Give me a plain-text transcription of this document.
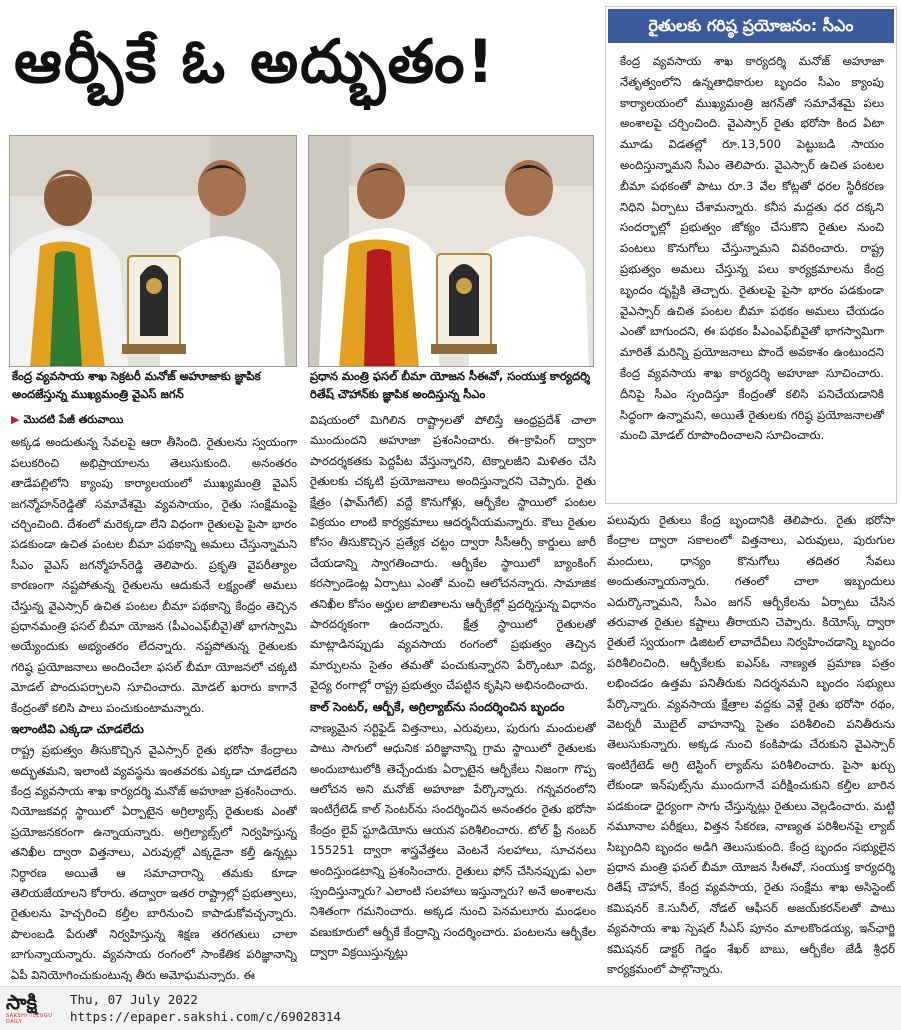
ఆర్బీకే ఓ అద్భుతం!
రైతులకు గరిష్ఠ ప్రయోజనం: సీఎం
కేంద్ర వ్యవసాయ శాఖ కార్యదర్శి మనోజ్ అహూజా నేతృత్వంలోని ఉన్నతాధికారుల బృందం సీఎం క్యాంపు కార్యాలయంలో ముఖ్యమంత్రి జగన్‌తో సమావేశమై పలు అంశాలపై చర్చించింది. వైఎస్సార్ రైతు భరోసా కింద ఏటా మూడు విడతల్లో రూ.13,500 పెట్టుబడి సాయం అందిస్తున్నామని సీఎం తెలిపారు. వైఎస్సార్ ఉచిత పంటల బీమా పథకంతో పాటు రూ.3 వేల కోట్లతో ధరల స్థిరీకరణ నిధిని ఏర్పాటు చేశామన్నారు. కనీస మద్దతు ధర దక్కని సందర్భాల్లో ప్రభుత్వం జోక్యం చేసుకొని రైతుల నుంచి పంటలు కొనుగోలు చేస్తున్నామని వివరించారు. రాష్ట్ర ప్రభుత్వం అమలు చేస్తున్న పలు కార్యక్రమాలను కేంద్ర బృందం దృష్టికి తెచ్చారు. రైతులపై పైసా భారం పడకుండా వైఎస్సార్ ఉచిత పంటల బీమా పథకం అమలు చేయడం ఎంతో బాగుందని, ఈ పథకం పీఎంఎఫ్‌బీవైతో భాగస్వామిగా మారితే మరిన్ని ప్రయోజనాలు పొందే అవకాశం ఉంటుందని కేంద్ర వ్యవసాయ శాఖ కార్యదర్శి అహూజా సూచించారు. దీనిపై సీఎం స్పందిస్తూ కేంద్రంతో కలిసి పనిచేయడానికి సిద్ధంగా ఉన్నామని, అయితే రైతులకు గరిష్ఠ ప్రయోజనాలతో మంచి మోడల్ రూపొందించాలని సూచించారు.
కేంద్ర వ్యవసాయ శాఖ సెక్రటరీ మనోజ్ అహూజాకు జ్ఞాపిక అందజేస్తున్న ముఖ్యమంత్రి వైఎస్ జగన్
ప్రధాన మంత్రి ఫసల్ బీమా యోజన సీఈవో, సంయుక్త కార్యదర్శి రితేష్ చౌహాన్‌కు జ్ఞాపిక అందిస్తున్న సీఎం
▶ మొదటి పేజీ తరువాయి

అక్కడ అందుతున్న సేవలపై ఆరా తీసింది. రైతులను స్వయంగా పలుకరించి అభిప్రాయాలను తెలుసుకుంది. అనంతరం తాడేపల్లిలోని క్యాంపు కార్యాలయంలో ముఖ్యమంత్రి వైఎస్ జగన్మోహన్‌రెడ్డితో సమావేశమై వ్యవసాయం, రైతు సంక్షేమంపై చర్చించింది. దేశంలో మరెక్కడా లేని విధంగా రైతులపై పైసా భారం పడకుండా ఉచిత పంటల బీమా పథకాన్ని అమలు చేస్తున్నామని సీఎం వైఎస్ జగన్మోహన్‌రెడ్డి తెలిపారు. ప్రకృతి వైపరీత్యాల కారణంగా నష్టపోతున్న రైతులను ఆదుకునే లక్ష్యంతో అమలు చేస్తున్న వైఎస్సార్ ఉచిత పంటల బీమా పథకాన్ని కేంద్రం తెచ్చిన ప్రధానమంత్రి ఫసల్ బీమా యోజన (పీఎంఎఫ్‌బీవై)తో భాగస్వామి అయ్యేందుకు అభ్యంతరం లేదన్నారు. నష్టపోతున్న రైతులకు గరిష్ఠ ప్రయోజనాలు అందించేలా ఫసల్ బీమా యోజనలో చక్కటి మోడల్ పొందుపర్చాలని సూచించారు. మోడల్ ఖరారు కాగానే కేంద్రంతో కలిసి పాలు పంచుకుంటామన్నారు.

ఇలాంటివి ఎక్కడా చూడలేదు

రాష్ట్ర ప్రభుత్వం తీసుకొచ్చిన వైఎస్సార్ రైతు భరోసా కేంద్రాలు అద్భుతమని, ఇలాంటి వ్యవస్థను ఇంతవరకు ఎక్కడా చూడలేదని కేంద్ర వ్యవసాయ శాఖ కార్యదర్శి మనోజ్ అహూజా ప్రశంసించారు. నియోజకవర్గ స్థాయిలో ఏర్పాటైన అగ్రిల్యాబ్స్ రైతులకు ఎంతో ప్రయోజనకరంగా ఉన్నాయన్నారు. అగ్రిల్యాబ్స్‌లో నిర్వహిస్తున్న తనిఖీల ద్వారా విత్తనాలు, ఎరువుల్లో ఎక్కడైనా కల్తీ ఉన్నట్లు నిర్ధారణ అయితే ఆ సమాచారాన్ని తమకు కూడా తెలియజేయాలని కోరారు. తద్వారా ఇతర రాష్ట్రాల్లో ప్రభుత్వాలు, రైతులను హెచ్చరించి కల్తీల బారినుంచి కాపాడుకోవచ్చన్నారు. పొలంబడి పేరుతో నిర్వహిస్తున్న శిక్షణ తరగతులు చాలా బాగున్నాయన్నారు. వ్యవసాయ రంగంలో సాంకేతిక పరిజ్ఞానాన్ని ఏపీ వినియోగించుకుంటున్న తీరు అమోఘమన్నారు. ఈ

విషయంలో మిగిలిన రాష్ట్రాలతో పోలిస్తే ఆంధ్రప్రదేశ్ చాలా ముందుందని అహూజా ప్రశంసించారు. ఈ–క్రాపింగ్ ద్వారా పారదర్శకతకు పెద్దపీట వేస్తున్నారని, టెక్నాలజీని మిళితం చేసి రైతులకు చక్కటి ప్రయోజనాలు అందిస్తున్నారని చెప్పారు. రైతు క్షేత్రం (ఫామ్‌గేట్) వద్దే కొనుగోళ్లు, ఆర్బీకేల స్థాయిలో పంటల విక్రయం లాంటి కార్యక్రమాలు ఆదర్శనీయమన్నారు. కౌలు రైతుల కోసం తీసుకొచ్చిన ప్రత్యేక చట్టం ద్వారా సీసీఆర్సీ కార్డులు జారీ చేయడాన్ని స్వాగతించారు. ఆర్బీకేల స్థాయిలో బ్యాంకింగ్ కరస్పాండెంట్ల ఏర్పాటు ఎంతో మంచి ఆలోచనన్నారు. సామాజిక తనిఖీల కోసం అర్హుల జాబితాలను ఆర్బీకేల్లో ప్రదర్శిస్తున్న విధానం పారదర్శకంగా ఉందన్నారు. క్షేత్ర స్థాయిలో రైతులతో మాట్లాడినప్పుడు వ్యవసాయ రంగంలో ప్రభుత్వం తెచ్చిన మార్పులను సైతం తమతో పంచుకున్నారని పేర్కొంటూ విద్య, వైద్య రంగాల్లో రాష్ట్ర ప్రభుత్వం చేపట్టిన కృషిని అభినందించారు.

కాల్ సెంటర్, ఆర్బీకే, అగ్రిల్యాబ్‌ను సందర్శించిన బృందం

నాణ్యమైన సర్టిఫైడ్ విత్తనాలు, ఎరువులు, పురుగు మందులతో పాటు సాగులో ఆధునిక పరిజ్ఞానాన్ని గ్రామ స్థాయిలో రైతులకు అందుబాటులోకి తెచ్చేందుకు ఏర్పాటైన ఆర్బీకేలు నిజంగా గొప్ప ఆలోచన అని మనోజ్ అహూజా పేర్కొన్నారు. గన్నవరంలోని ఇంటిగ్రేటెడ్ కాల్ సెంటర్‌ను సందర్శించిన అనంతరం రైతు భరోసా కేంద్రం లైవ్ స్టూడియోను ఆయన పరిశీలించారు. టోల్ ఫ్రీ నంబర్ 155251 ద్వారా శాస్త్రవేత్తలు వెంటనే సలహాలు, సూచనలు అందిస్తుండటాన్ని ప్రశంసించారు. రైతులు ఫోన్ చేసినప్పుడు ఎలా స్పందిస్తున్నారు? ఎలాంటి సలహాలు ఇస్తున్నారు? అనే అంశాలను నిశితంగా గమనించారు. అక్కడ నుంచి పెనమలూరు మండలం వణుకూరులో ఆర్బీకే కేంద్రాన్ని సందర్శించారు. పంటలను ఆర్బీకేల ద్వారా విక్రయిస్తున్నట్లు

పలువురు రైతులు కేంద్ర బృందానికి తెలిపారు. రైతు భరోసా కేంద్రాల ద్వారా సకాలంలో విత్తనాలు, ఎరువులు, పురుగుల మందులు, ధాన్యం కొనుగోలు తదితర సేవలు అందుతున్నాయన్నారు. గతంలో చాలా ఇబ్బందులు ఎదుర్కొన్నామని, సీఎం జగన్ ఆర్బీకేలను ఏర్పాటు చేసిన తరువాత రైతుల కష్టాలు తీరాయని చెప్పారు. కియోస్క్ ద్వారా రైతులే స్వయంగా డిజిటల్ లావాదేవీలు నిర్వహించడాన్ని బృందం పరిశీలించింది. ఆర్బీకేలకు ఐఎస్ఓ నాణ్యత ప్రమాణ పత్రం లభించడం ఉత్తమ పనితీరుకు నిదర్శనమని బృందం సభ్యులు పేర్కొన్నారు. వ్యవసాయ క్షేత్రాల వద్దకు వెళ్లే రైతు భరోసా రథం, వెటర్నరీ మొబైల్ వాహనాన్ని సైతం పరిశీలించి పనితీరును తెలుసుకున్నారు. అక్కడ నుంచి కంకిపాడు చేరుకుని వైఎస్సార్ ఇంటిగ్రేటెడ్ అగ్రి టెస్టింగ్ ల్యాబ్‌ను పరిశీలించారు. పైసా ఖర్చు లేకుండా ఇన్‌పుట్స్‌ను ముందుగానే పరీక్షించుకుని కల్తీల బారిన పడకుండా ధైర్యంగా సాగు చేస్తున్నట్లు రైతులు వెల్లడించారు. మట్టి నమూనాల పరీక్షలు, విత్తన సేకరణ, నాణ్యత పరిశీలనపై ల్యాబ్ సిబ్బందిని బృందం అడిగి తెలుసుకుంది. కేంద్ర బృందం సభ్యులైన ప్రధాన మంత్రి ఫసల్ బీమా యోజన సీఈవో, సంయుక్త కార్యదర్శి రితేష్ చౌహాన్, కేంద్ర వ్యవసాయ, రైతు సంక్షేమ శాఖ అసిస్టెంట్ కమిషనర్ కె.సునీల్, నోడల్ ఆఫీసర్ అజయ్‌కరన్‌లతో పాటు వ్యవసాయ శాఖ స్పెషల్ సీఎస్ పూనం మాలకొండయ్య, ఇన్‌ఛార్జి కమిషనర్ డాక్టర్ గెడ్డం శేఖర్ బాబు, ఆర్బీకేల జేడీ శ్రీధర్ కార్యక్రమంలో పాల్గొన్నారు.

సాక్షి
SAKSHI TELUGU DAILY
Thu, 07 July 2022
https://epaper.sakshi.com/c/69028314
